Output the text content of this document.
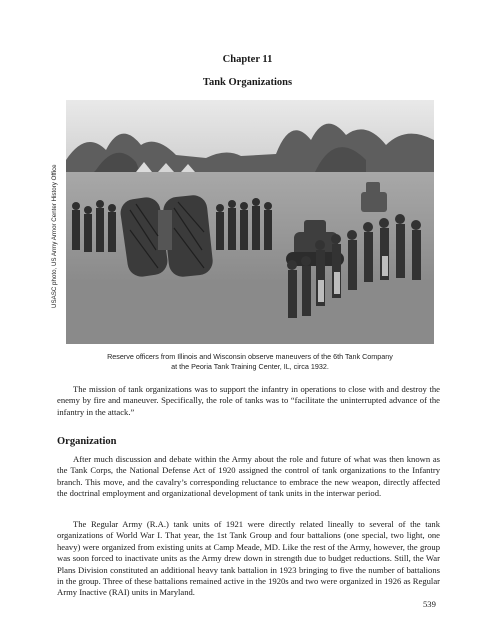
Chapter 11
Tank Organizations
USASC photo, US Army Armor Center History Office
Reserve officers from Illinois and Wisconsin observe maneuvers of the 6th Tank Company
at the Peoria Tank Training Center, IL, circa 1932.

The mission of tank organizations was to support the infantry in operations to close with and destroy the enemy by fire and maneuver. Specifically, the role of tanks was to “facilitate the uninterrupted advance of the infantry in the attack.”

Organization

After much discussion and debate within the Army about the role and future of what was then known as the Tank Corps, the National Defense Act of 1920 assigned the control of tank organizations to the Infantry branch. This move, and the cavalry’s corresponding reluctance to embrace the new weapon, directly affected the doctrinal employment and organizational development of tank units in the interwar period.

The Regular Army (R.A.) tank units of 1921 were directly related lineally to several of the tank organizations of World War I. That year, the 1st Tank Group and four battalions (one special, two light, one heavy) were organized from existing units at Camp Meade, MD. Like the rest of the Army, however, the group was soon forced to inactivate units as the Army drew down in strength due to budget reductions. Still, the War Plans Division constituted an additional heavy tank battalion in 1923 bringing to five the number of battalions in the group. Three of these battalions remained active in the 1920s and two were organized in 1926 as Regular Army Inactive (RAI) units in Maryland.

539
